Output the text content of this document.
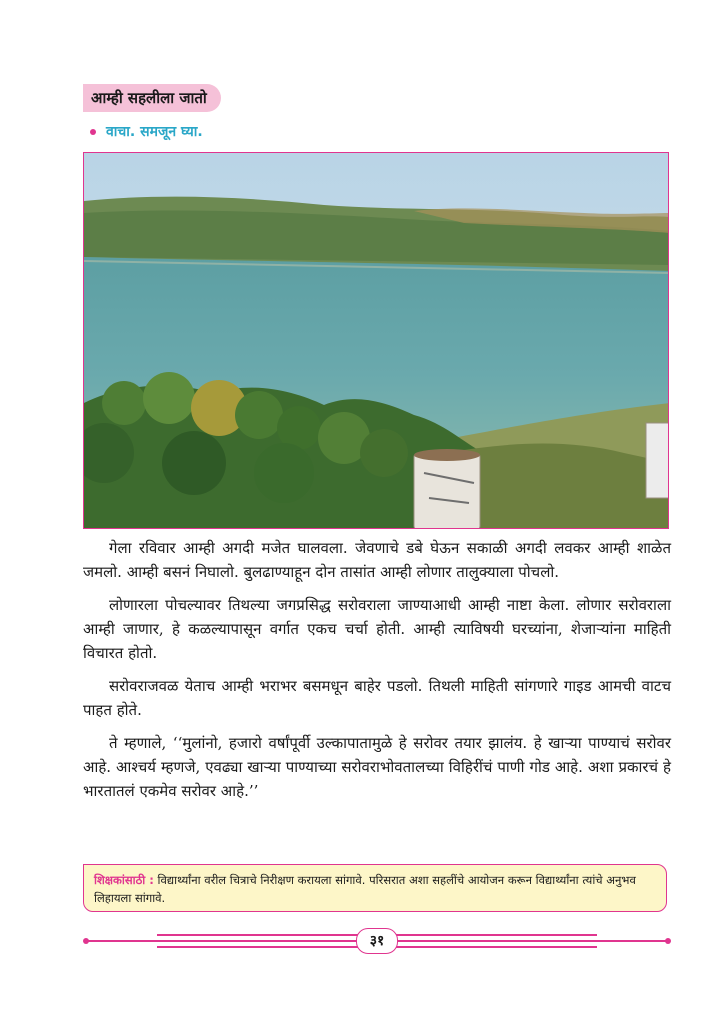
आम्ही सहलीला जातो
वाचा. समजून घ्या.

गेला रविवार आम्ही अगदी मजेत घालवला. जेवणाचे डबे घेऊन सकाळी अगदी लवकर आम्ही शाळेत जमलो. आम्ही बसनं निघालो. बुलढाण्याहून दोन तासांत आम्ही लोणार तालुक्याला पोचलो.

लोणारला पोचल्यावर तिथल्या जगप्रसिद्ध सरोवराला जाण्याआधी आम्ही नाष्टा केला. लोणार सरोवराला आम्ही जाणार, हे कळल्यापासून वर्गात एकच चर्चा होती. आम्ही त्याविषयी घरच्यांना, शेजाऱ्यांना माहिती विचारत होतो.

सरोवराजवळ येताच आम्ही भराभर बसमधून बाहेर पडलो. तिथली माहिती सांगणारे गाइड आमची वाटच पाहत होते.

ते म्हणाले, ‘‘मुलांनो, हजारो वर्षांपूर्वी उल्कापातामुळे हे सरोवर तयार झालंय. हे खाऱ्या पाण्याचं सरोवर आहे. आश्चर्य म्हणजे, एवढ्या खाऱ्या पाण्याच्या सरोवराभोवतालच्या विहिरींचं पाणी गोड आहे. अशा प्रकारचं हे भारतातलं एकमेव सरोवर आहे.’’

शिक्षकांसाठी : विद्यार्थ्यांना वरील चित्राचे निरीक्षण करायला सांगावे. परिसरात अशा सहलींचे आयोजन करून विद्यार्थ्यांना त्यांचे अनुभव लिहायला सांगावे.
३१
